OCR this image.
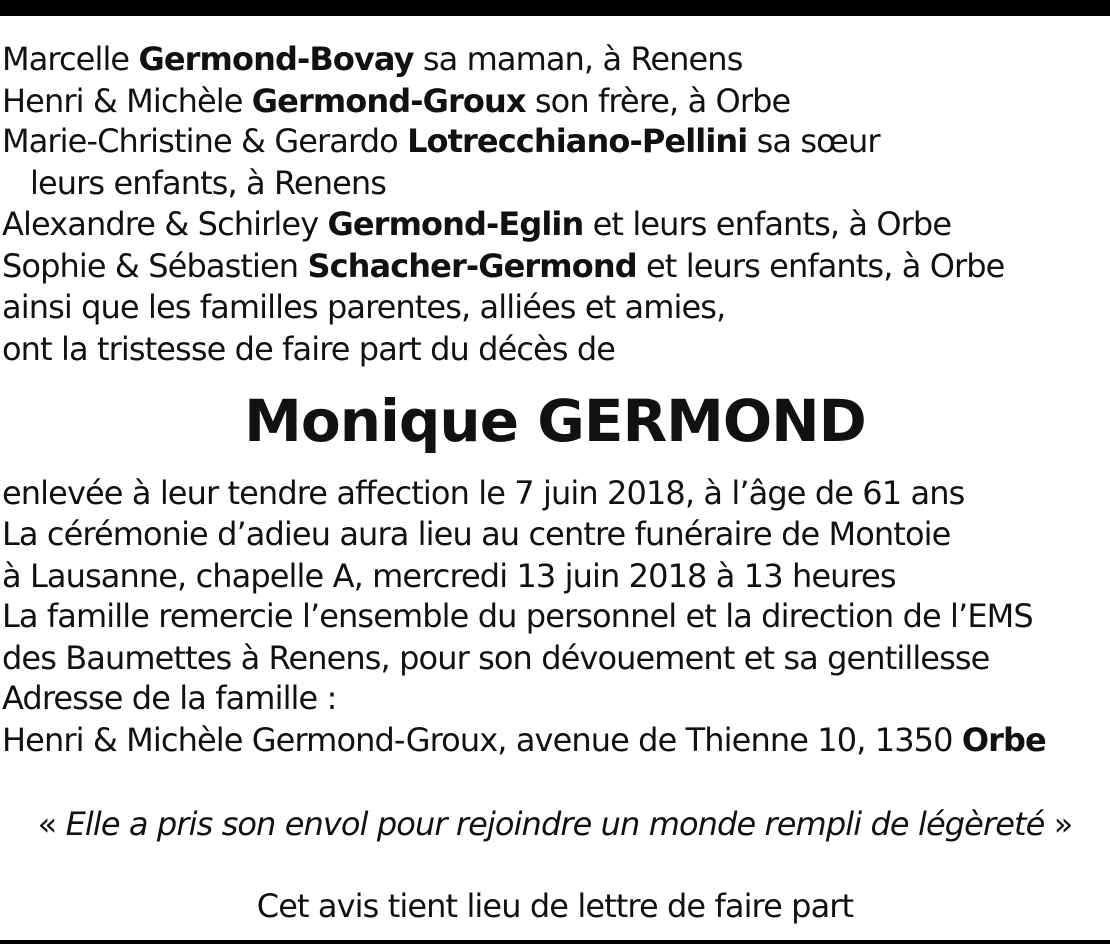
Marcelle Germond-Bovay sa maman, à Renens
Henri & Michèle Germond-Groux son frère, à Orbe
Marie-Christine & Gerardo Lotrecchiano-Pellini sa sœur
leurs enfants, à Renens
Alexandre & Schirley Germond-Eglin et leurs enfants, à Orbe
Sophie & Sébastien Schacher-Germond et leurs enfants, à Orbe
ainsi que les familles parentes, alliées et amies,
ont la tristesse de faire part du décès de
Monique GERMOND
enlevée à leur tendre affection le 7 juin 2018, à l’âge de 61 ans
La cérémonie d’adieu aura lieu au centre funéraire de Montoie
à Lausanne, chapelle A, mercredi 13 juin 2018 à 13 heures
La famille remercie l’ensemble du personnel et la direction de l’EMS
des Baumettes à Renens, pour son dévouement et sa gentillesse
Adresse de la famille :
Henri & Michèle Germond-Groux, avenue de Thienne 10, 1350 Orbe
« Elle a pris son envol pour rejoindre un monde rempli de légèreté »
Cet avis tient lieu de lettre de faire part
